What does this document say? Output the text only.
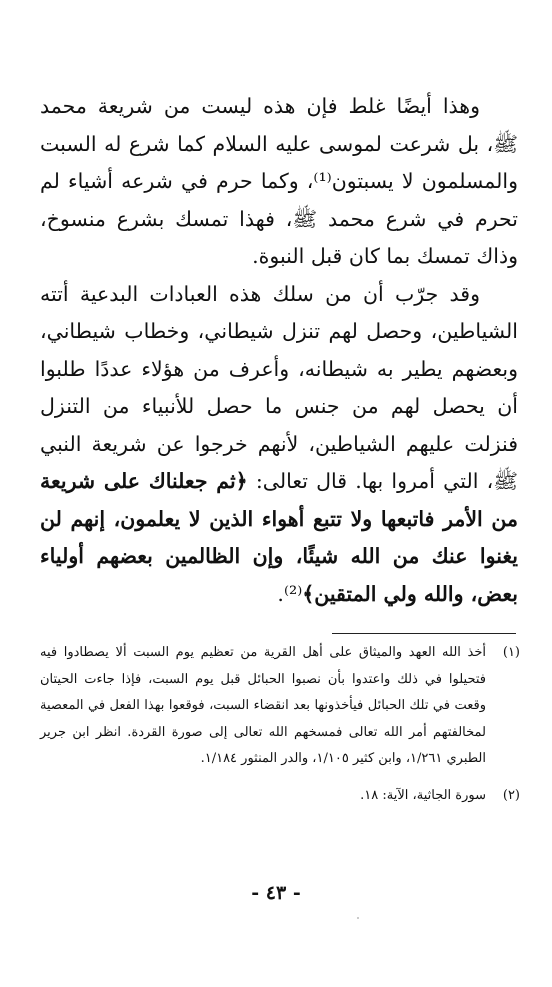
وهذا أيضًا غلط فإن هذه ليست من شريعة محمد ﷺ، بل شرعت لموسى عليه السلام كما شرع له السبت والمسلمون لا يسبتون⁽¹⁾، وكما حرم في شرعه أشياء لم تحرم في شرع محمد ﷺ، فهذا تمسك بشرع منسوخ، وذاك تمسك بما كان قبل النبوة.

وقد جرّب أن من سلك هذه العبادات البدعية أتته الشياطين، وحصل لهم تنزل شيطاني، وخطاب شيطاني، وبعضهم يطير به شيطانه، وأعرف من هؤلاء عددًا طلبوا أن يحصل لهم من جنس ما حصل للأنبياء من التنزل فنزلت عليهم الشياطين، لأنهم خرجوا عن شريعة النبي ﷺ، التي أمروا بها. قال تعالى: ﴿ثم جعلناك على شريعة من الأمر فاتبعها ولا تتبع أهواء الذين لا يعلمون، إنهم لن يغنوا عنك من الله شيئًا، وإن الظالمين بعضهم أولياء بعض، والله ولي المتقين﴾⁽²⁾.

(١)
أخذ الله العهد والميثاق على أهل القرية من تعظيم يوم السبت ألا يصطادوا فيه فتحيلوا في ذلك واعتدوا بأن نصبوا الحبائل قبل يوم السبت، فإذا جاءت الحيتان وقعت في تلك الحبائل فيأخذونها بعد انقضاء السبت، فوقعوا بهذا الفعل في المعصية لمخالفتهم أمر الله تعالى فمسخهم الله تعالى إلى صورة القردة. انظر ابن جرير الطبري ١/٢٦١، وابن كثير ١/١٠٥، والدر المنثور ١/١٨٤.
(٢)
سورة الجاثية، الآية: ١٨.
- ٤٣ -
